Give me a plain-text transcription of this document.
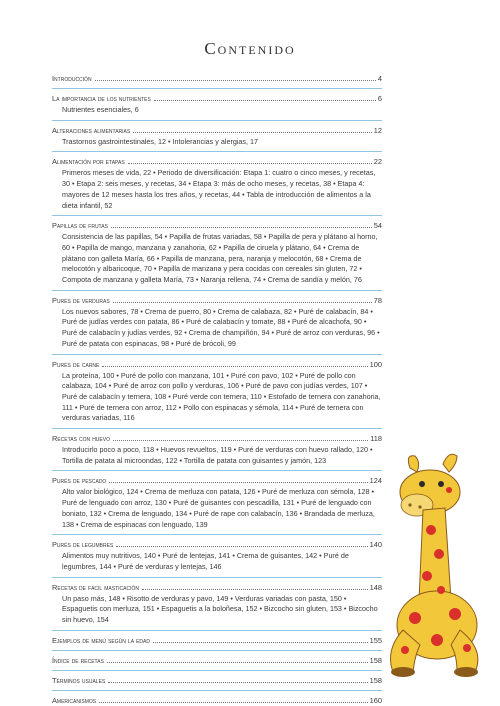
Contenido
Introducción	4
La importancia de los nutrientes	6
Nutrientes esenciales, 6
Alteraciones alimentarias	12
Trastornos gastrointestinales, 12 • Intolerancias y alergias, 17
Alimentación por etapas	22
Primeros meses de vida, 22 • Periodo de diversificación: Etapa 1: cuatro o cinco meses, y recetas, 30 • Etapa 2: seis meses, y recetas, 34 • Etapa 3: más de ocho meses, y recetas, 38 • Etapa 4: mayores de 12 meses hasta los tres años, y recetas, 44 • Tabla de introducción de alimentos a la dieta infantil, 52
Papillas de frutas	54
Consistencia de las papillas, 54 • Papilla de frutas variadas, 58 • Papilla de pera y plátano al horno, 60 • Papilla de mango, manzana y zanahoria, 62 • Papilla de ciruela y plátano, 64 • Crema de plátano con galleta María, 66 • Papilla de manzana, pera, naranja y melocotón, 68 • Crema de melocotón y albaricoque, 70 • Papilla de manzana y pera cocidas con cereales sin gluten, 72 • Compota de manzana y galleta María, 73 • Naranja rellena, 74 • Crema de sandía y melón, 76
Purés de verduras	78
Los nuevos sabores, 78 • Crema de puerro, 80 • Crema de calabaza, 82 • Puré de calabacín, 84 • Puré de judías verdes con patata, 86 • Puré de calabacín y tomate, 88 • Puré de alcachofa, 90 • Puré de calabacín y judías verdes, 92 • Crema de champiñón, 94 • Puré de arroz con verduras, 96 • Puré de patata con espinacas, 98 • Puré de brócoli, 99
Purés de carne	100
La proteína, 100 • Puré de pollo con manzana, 101 • Puré con pavo, 102 • Puré de pollo con calabaza, 104 • Puré de arroz con pollo y verduras, 106 • Puré de pavo con judías verdes, 107 • Puré de calabacín y ternera, 108 • Puré verde con ternera, 110 • Estofado de ternera con zanahoria, 111 • Puré de ternera con arroz, 112 • Pollo con espinacas y sémola, 114 • Puré de ternera con verduras variadas, 116
Recetas con huevo	118
Introducirlo poco a poco, 118 • Huevos revueltos, 119 • Puré de verduras con huevo rallado, 120 • Tortilla de patata al microondas, 122 • Tortilla de patata con guisantes y jamón, 123
Purés de pescado	124
Alto valor biológico, 124 • Crema de merluza con patata, 126 • Puré de merluza con sémola, 128 • Puré de lenguado con arroz, 130 • Puré de guisantes con pescadilla, 131 • Puré de lenguado con boniato, 132 • Crema de lenguado, 134 • Puré de rape con calabacín, 136 • Brandada de merluza, 138 • Crema de espinacas con lenguado, 139
Purés de legumbres	140
Alimentos muy nutritivos, 140 • Puré de lentejas, 141 • Crema de guisantes, 142 • Puré de legumbres, 144 • Puré de verduras y lentejas, 146
Recetas de fácil masticación	148
Un paso más, 148 • Risotto de verduras y pavo, 149 • Verduras variadas con pasta, 150 • Espaguetis con merluza, 151 • Espaguetis a la boloñesa, 152 • Bizcocho sin gluten, 153 • Bizcocho sin huevo, 154
Ejemplos de menú según la edad	155
Índice de recetas	158
Términos usuales	158
Americanismos	160
